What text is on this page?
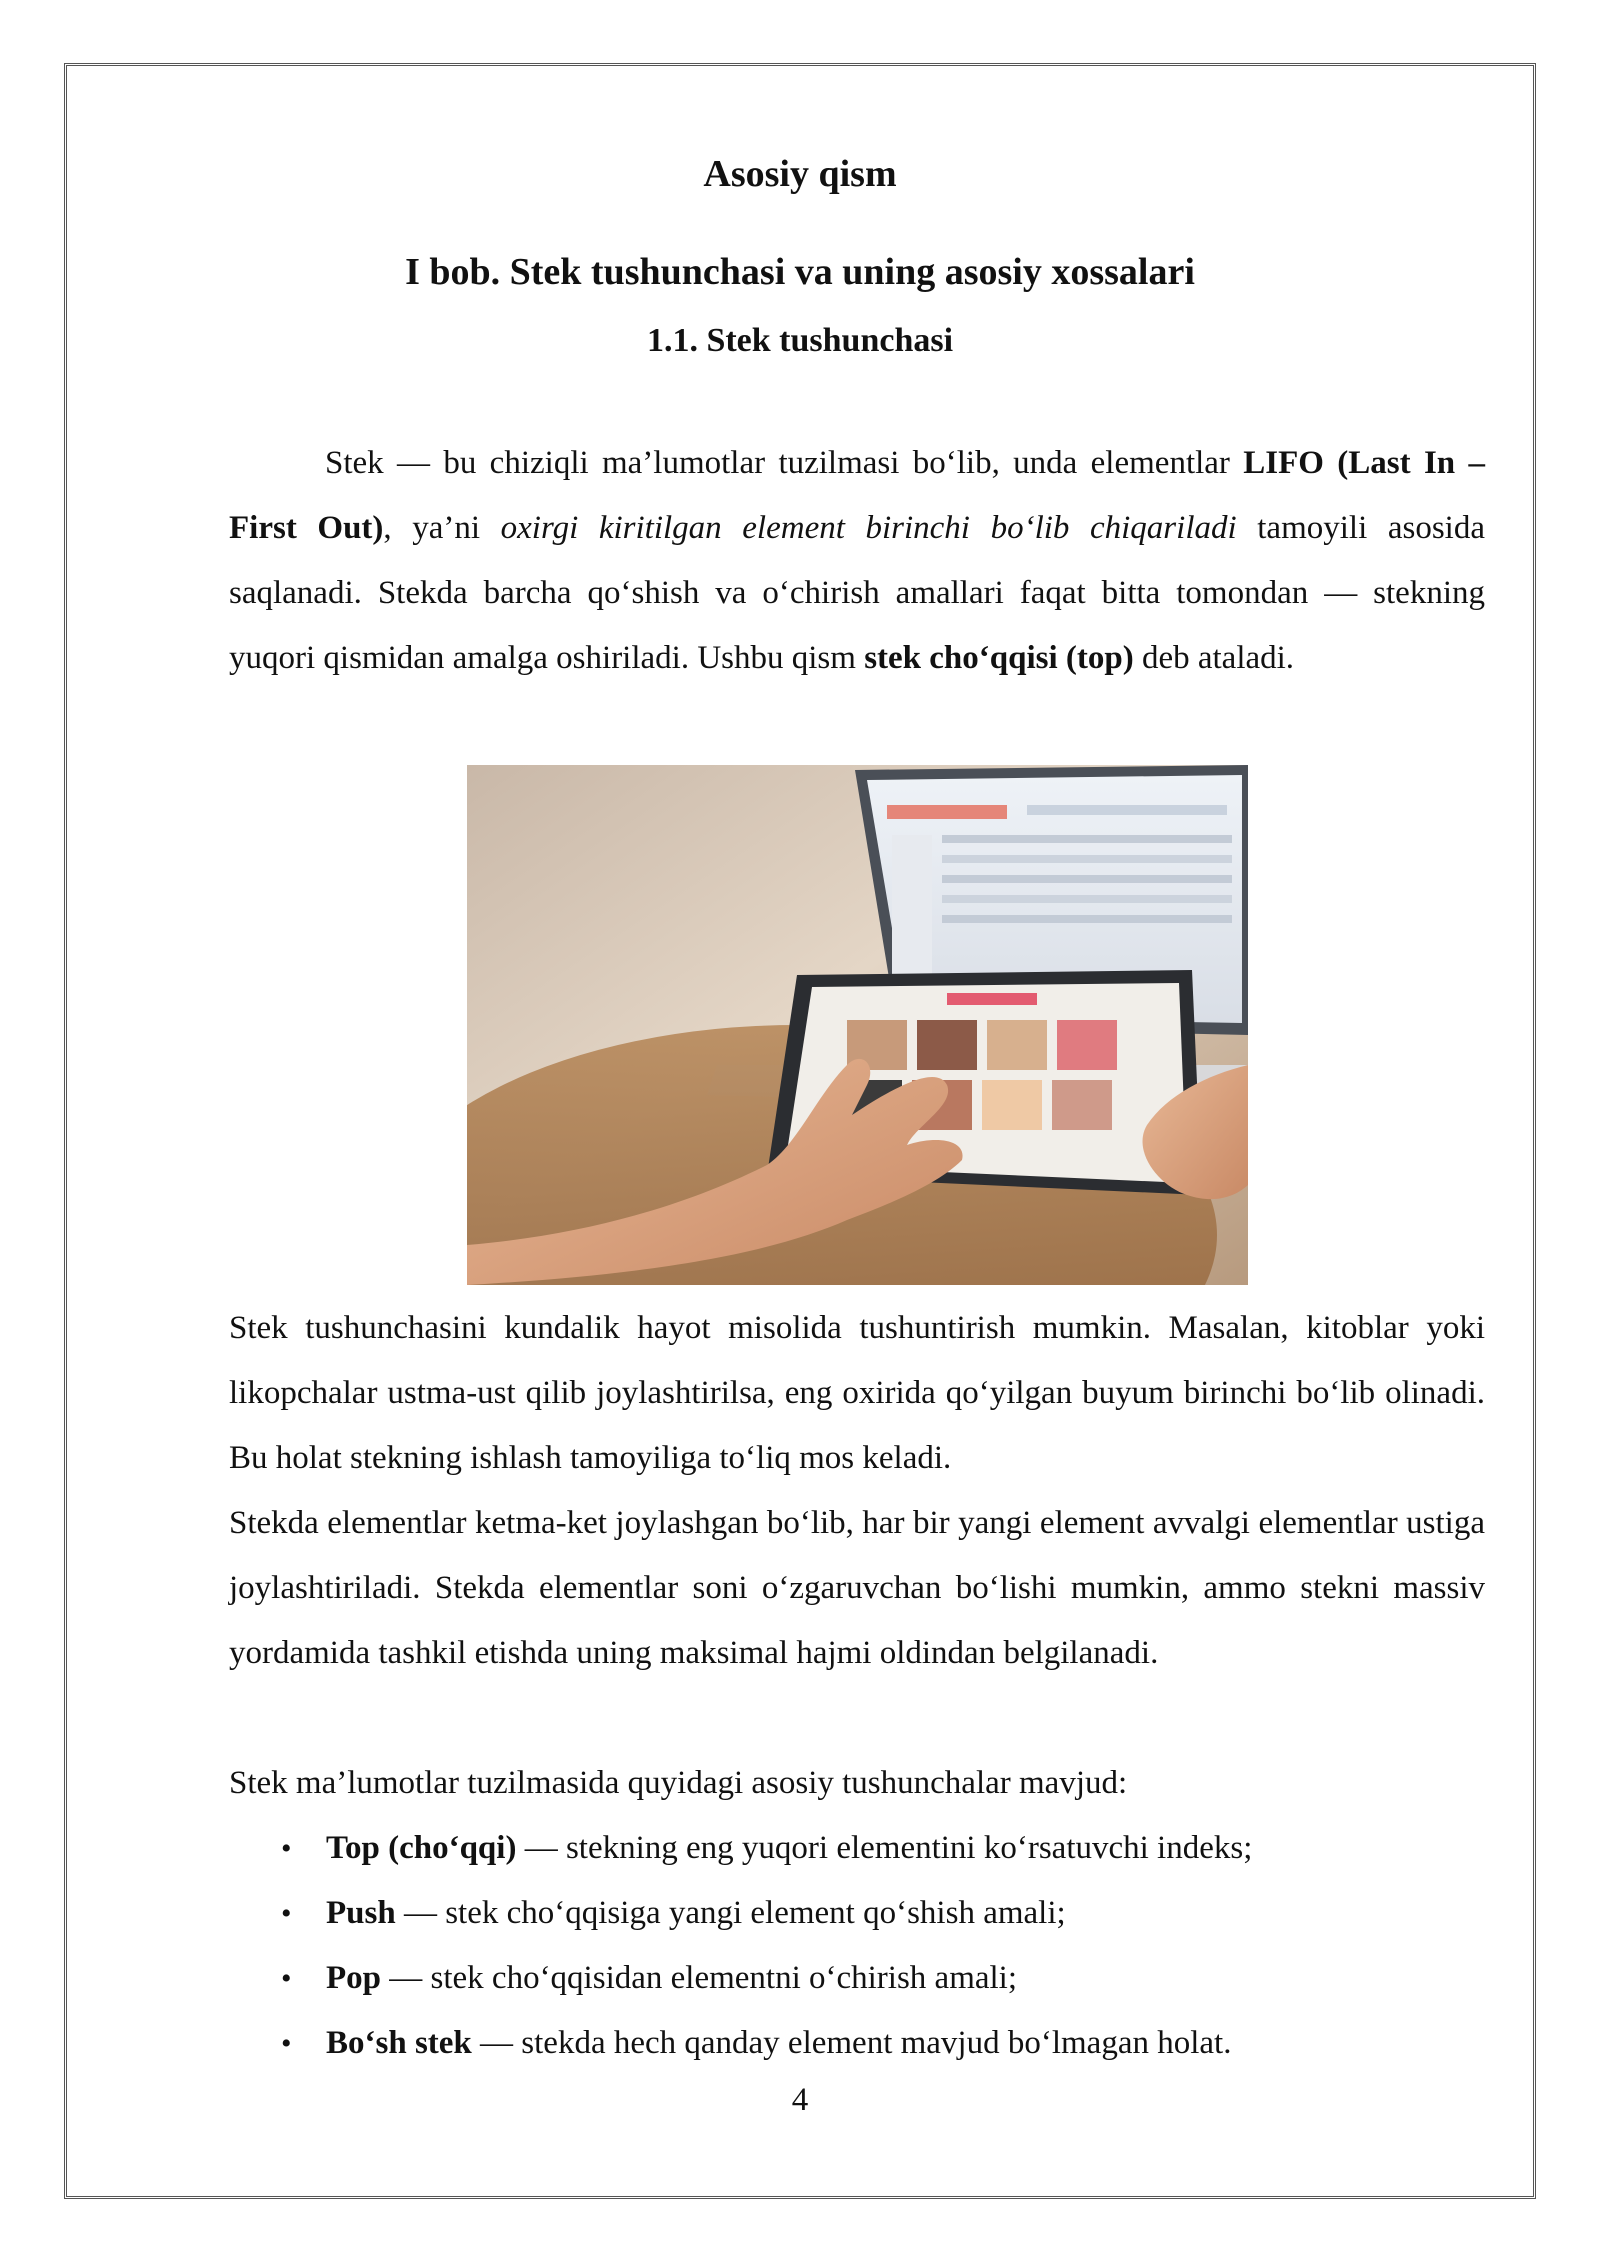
Asosiy qism
I bob. Stek tushunchasi va uning asosiy xossalari
1.1. Stek tushunchasi

Stek — bu chiziqli ma’lumotlar tuzilmasi bo‘lib, unda elementlar LIFO (Last In – First Out), ya’ni oxirgi kiritilgan element birinchi bo‘lib chiqariladi tamoyili asosida saqlanadi. Stekda barcha qo‘shish va o‘chirish amallari faqat bitta tomondan — stekning yuqori qismidan amalga oshiriladi. Ushbu qism stek cho‘qqisi (top) deb ataladi.

Stek tushunchasini kundalik hayot misolida tushuntirish mumkin. Masalan, kitoblar yoki likopchalar ustma-ust qilib joylashtirilsa, eng oxirida qo‘yilgan buyum birinchi bo‘lib olinadi. Bu holat stekning ishlash tamoyiliga to‘liq mos keladi.

Stekda elementlar ketma-ket joylashgan bo‘lib, har bir yangi element avvalgi elementlar ustiga joylashtiriladi. Stekda elementlar soni o‘zgaruvchan bo‘lishi mumkin, ammo stekni massiv yordamida tashkil etishda uning maksimal hajmi oldindan belgilanadi.

Stek ma’lumotlar tuzilmasida quyidagi asosiy tushunchalar mavjud:

• Top (cho‘qqi) — stekning eng yuqori elementini ko‘rsatuvchi indeks;
• Push — stek cho‘qqisiga yangi element qo‘shish amali;
• Pop — stek cho‘qqisidan elementni o‘chirish amali;
• Bo‘sh stek — stekda hech qanday element mavjud bo‘lmagan holat.

4
